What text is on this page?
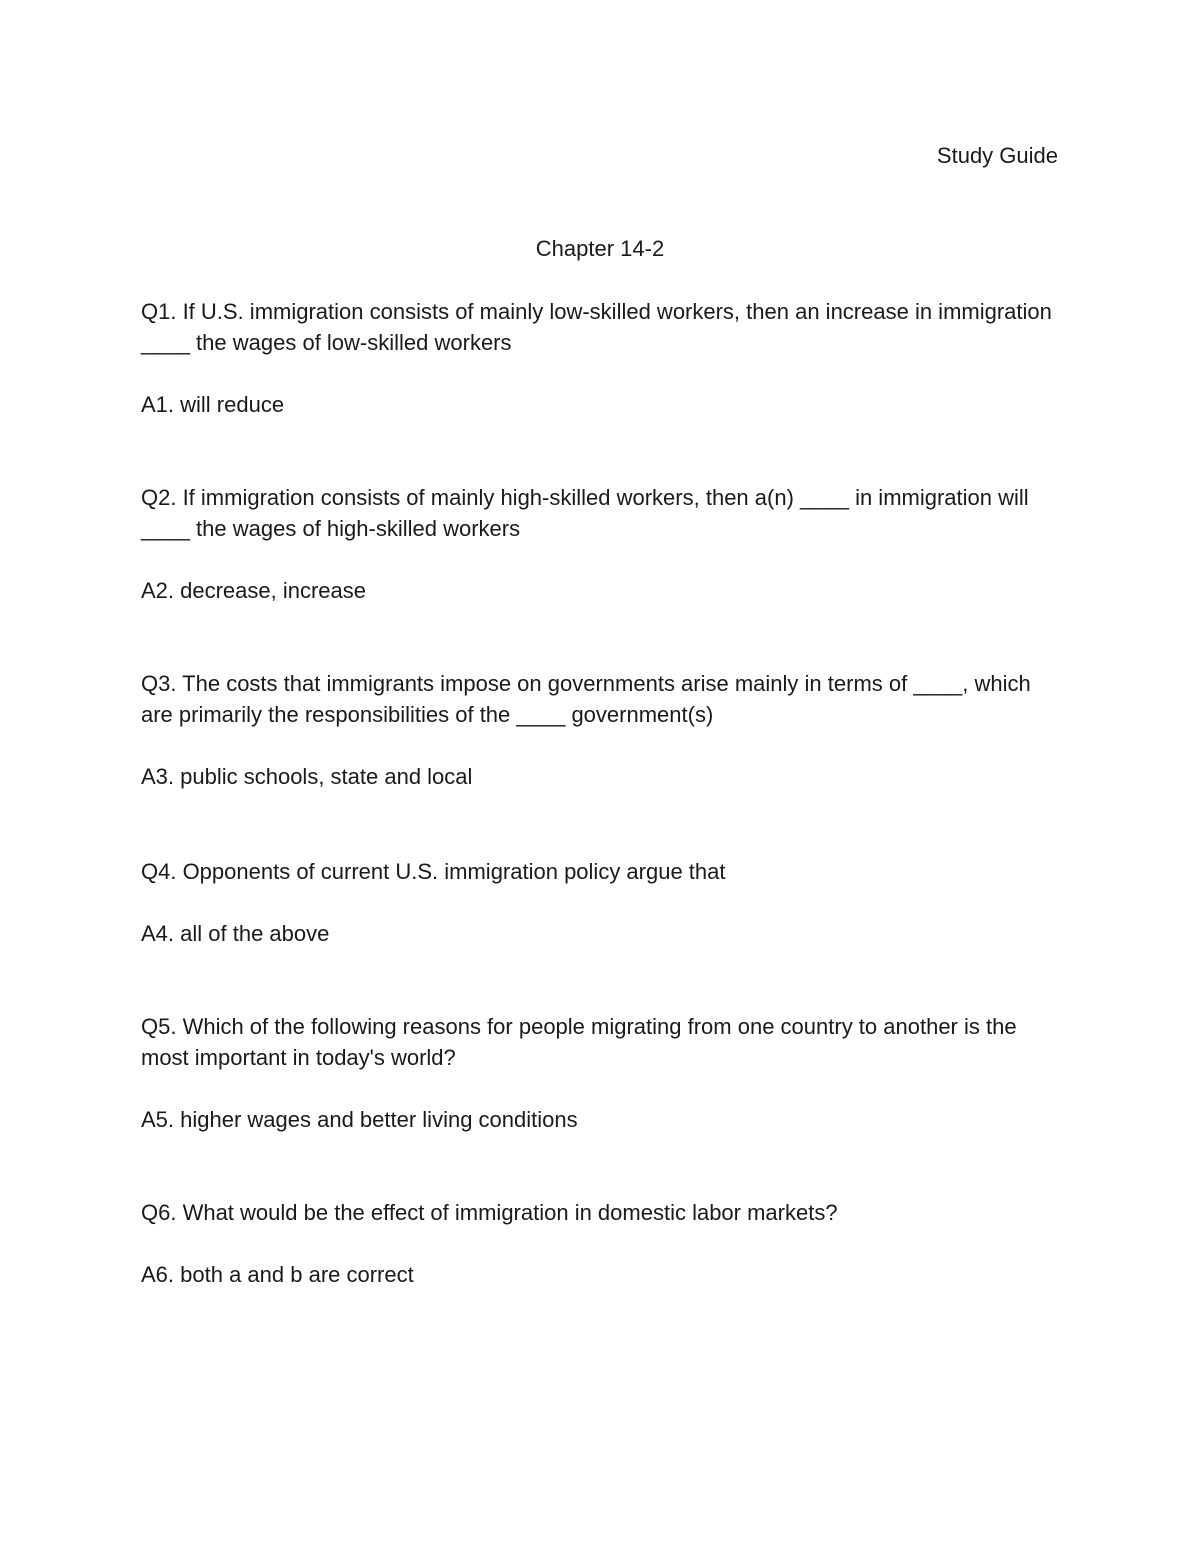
Study Guide
Chapter 14-2
Q1. If U.S. immigration consists of mainly low-skilled workers, then an increase in immigration ____ the wages of low-skilled workers
A1. will reduce
Q2. If immigration consists of mainly high-skilled workers, then a(n) ____ in immigration will ____ the wages of high-skilled workers
A2. decrease, increase
Q3. The costs that immigrants impose on governments arise mainly in terms of ____, which are primarily the responsibilities of the ____ government(s)
A3. public schools, state and local
Q4. Opponents of current U.S. immigration policy argue that
A4. all of the above
Q5. Which of the following reasons for people migrating from one country to another is the most important in today's world?
A5. higher wages and better living conditions
Q6. What would be the effect of immigration in domestic labor markets?
A6. both a and b are correct
